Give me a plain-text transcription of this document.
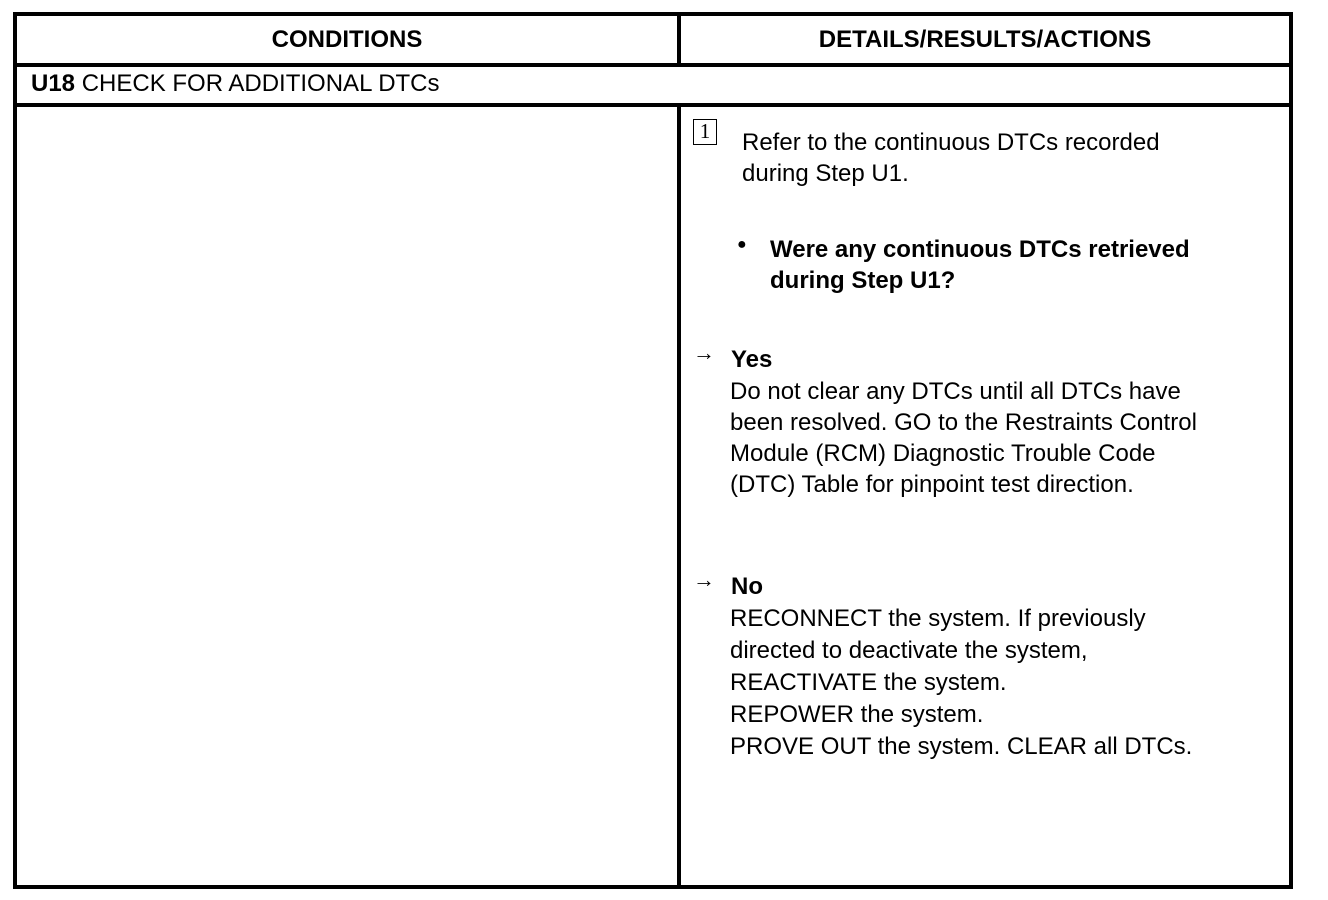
CONDITIONS	DETAILS/RESULTS/ACTIONS
U18 CHECK FOR ADDITIONAL DTCs
1 Refer to the continuous DTCs recorded
during Step U1.
● Were any continuous DTCs retrieved
during Step U1?
→ Yes
Do not clear any DTCs until all DTCs have
been resolved. GO to the Restraints Control
Module (RCM) Diagnostic Trouble Code
(DTC) Table for pinpoint test direction.
→ No
RECONNECT the system. If previously
directed to deactivate the system,
REACTIVATE the system.
REPOWER the system.
PROVE OUT the system. CLEAR all DTCs.
